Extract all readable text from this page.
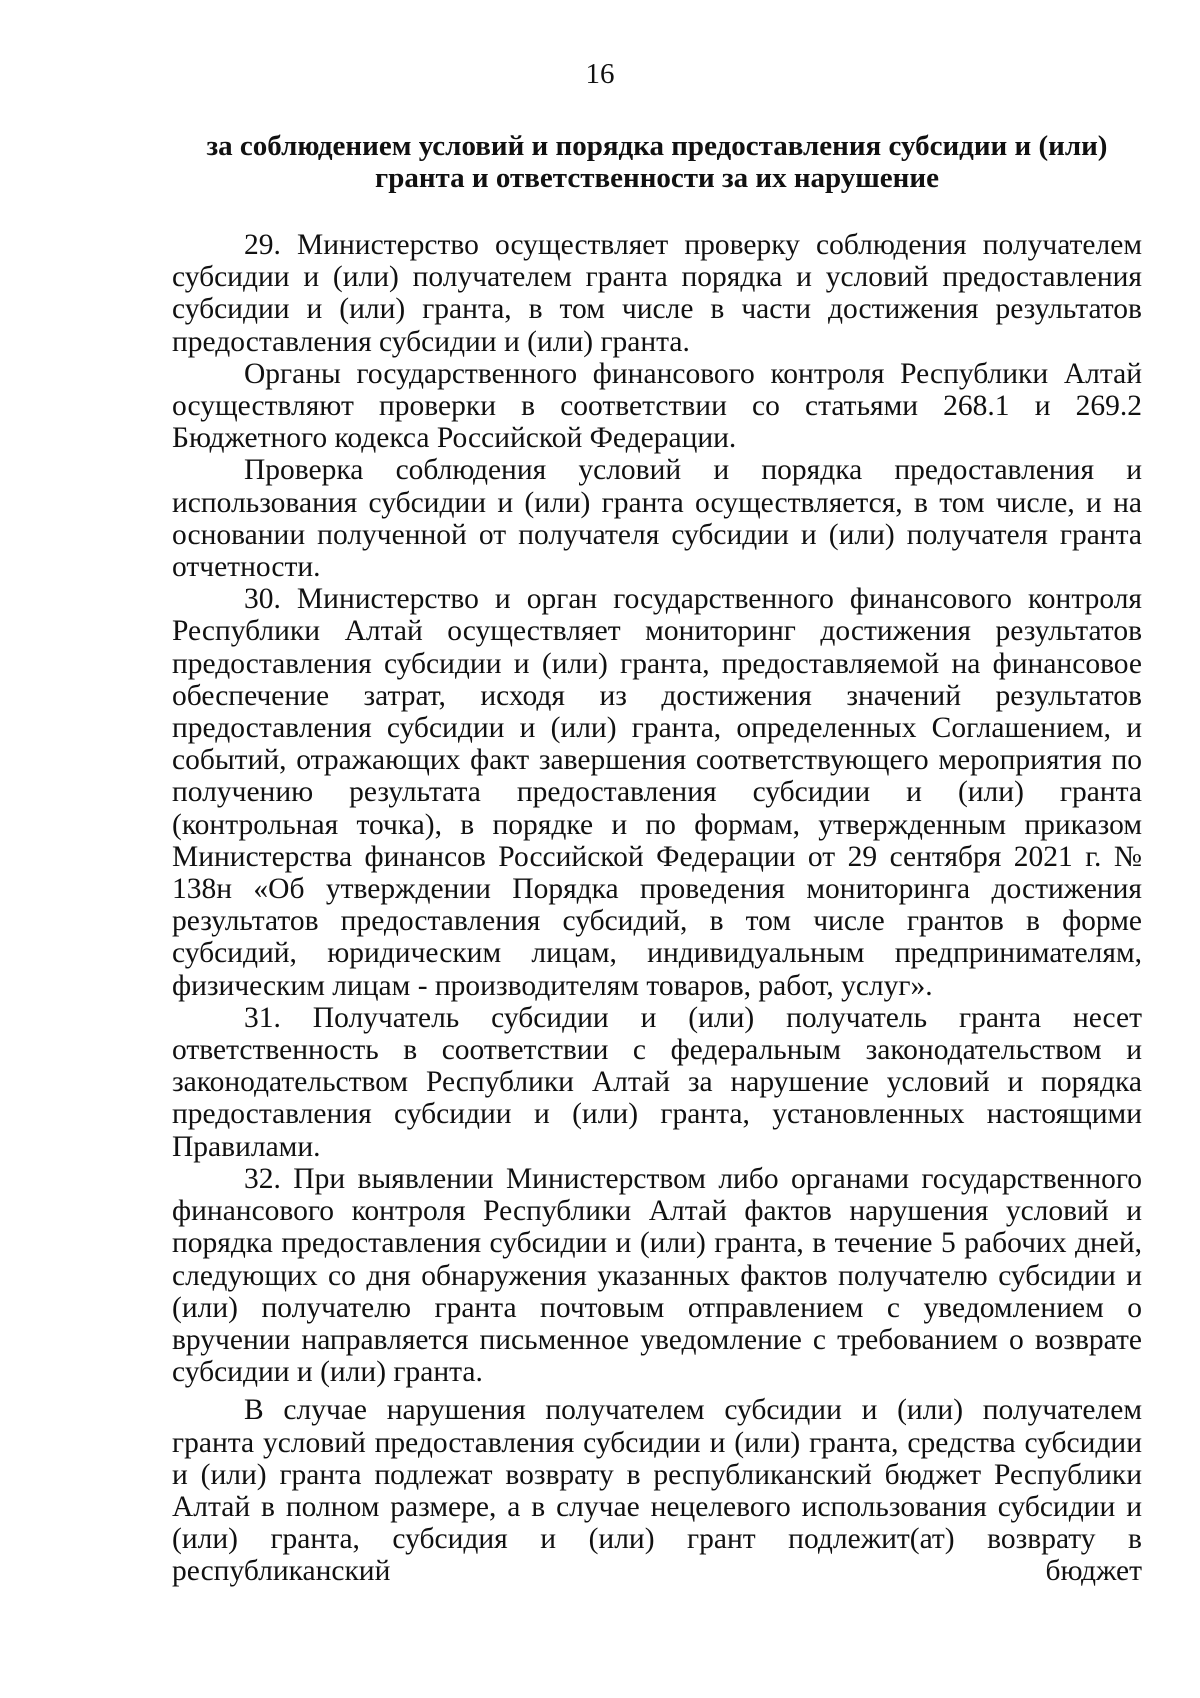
16
за соблюдением условий и порядка предоставления субсидии и (или)
гранта и ответственности за их нарушение

29. Министерство осуществляет проверку соблюдения получателем субсидии и (или) получателем гранта порядка и условий предоставления субсидии и (или) гранта, в том числе в части достижения результатов предоставления субсидии и (или) гранта.

Органы государственного финансового контроля Республики Алтай осуществляют проверки в соответствии со статьями 268.1 и 269.2 Бюджетного кодекса Российской Федерации.

Проверка соблюдения условий и порядка предоставления и использования субсидии и (или) гранта осуществляется, в том числе, и на основании полученной от получателя субсидии и (или) получателя гранта отчетности.

30. Министерство и орган государственного финансового контроля Республики Алтай осуществляет мониторинг достижения результатов предоставления субсидии и (или) гранта, предоставляемой на финансовое обеспечение затрат, исходя из достижения значений результатов предоставления субсидии и (или) гранта, определенных Соглашением, и событий, отражающих факт завершения соответствующего мероприятия по получению результата предоставления субсидии и (или) гранта (контрольная точка), в порядке и по формам, утвержденным приказом Министерства финансов Российской Федерации от 29 сентября 2021 г. № 138н «Об утверждении Порядка проведения мониторинга достижения результатов предоставления субсидий, в том числе грантов в форме субсидий, юридическим лицам, индивидуальным предпринимателям, физическим лицам - производителям товаров, работ, услуг».

31. Получатель субсидии и (или) получатель гранта несет ответственность в соответствии с федеральным законодательством и законодательством Республики Алтай за нарушение условий и порядка предоставления субсидии и (или) гранта, установленных настоящими Правилами.

32. При выявлении Министерством либо органами государственного финансового контроля Республики Алтай фактов нарушения условий и порядка предоставления субсидии и (или) гранта, в течение 5 рабочих дней, следующих со дня обнаружения указанных фактов получателю субсидии и (или) получателю гранта почтовым отправлением с уведомлением о вручении направляется письменное уведомление с требованием о возврате субсидии и (или) гранта.

В случае нарушения получателем субсидии и (или) получателем гранта условий предоставления субсидии и (или) гранта, средства субсидии и (или) гранта подлежат возврату в республиканский бюджет Республики Алтай в полном размере, а в случае нецелевого использования субсидии и (или) гранта, субсидия и (или) грант подлежит(ат) возврату в республиканский бюджет
